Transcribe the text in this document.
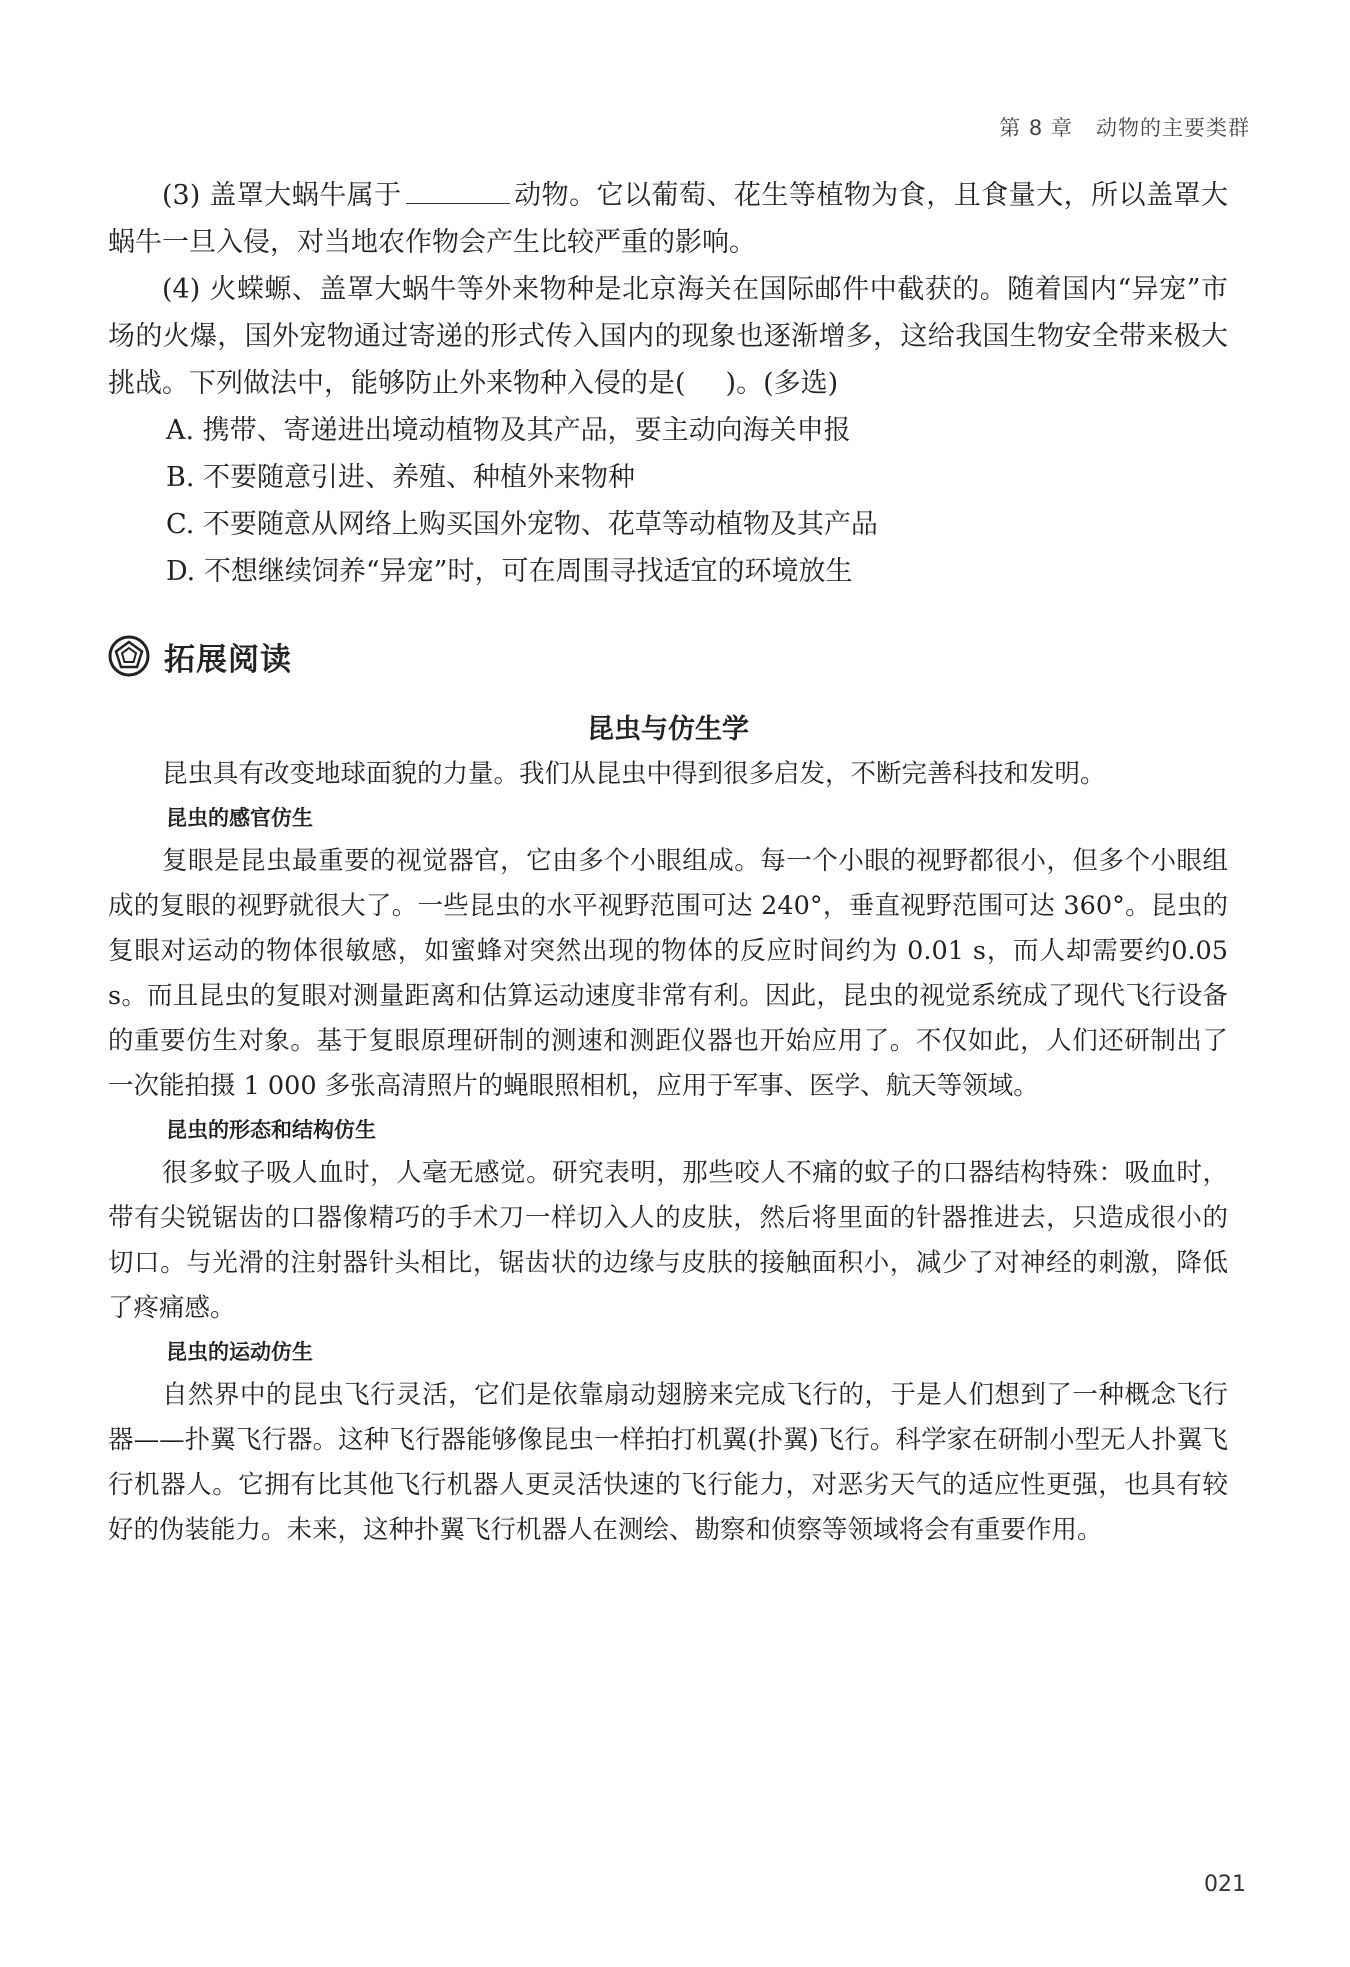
第 8 章 动物的主要类群

(3) 盖罩大蜗牛属于	动物。它以葡萄、花生等植物为食，且食量大，所以盖罩大蜗牛一旦入侵，对当地农作物会产生比较严重的影响。

(4) 火蝾螈、盖罩大蜗牛等外来物种是北京海关在国际邮件中截获的。随着国内“异宠”市场的火爆，国外宠物通过寄递的形式传入国内的现象也逐渐增多，这给我国生物安全带来极大挑战。下列做法中，能够防止外来物种入侵的是( )。(多选)

A. 携带、寄递进出境动植物及其产品，要主动向海关申报

B. 不要随意引进、养殖、种植外来物种

C. 不要随意从网络上购买国外宠物、花草等动植物及其产品

D. 不想继续饲养“异宠”时，可在周围寻找适宜的环境放生

拓展阅读
昆虫与仿生学

昆虫具有改变地球面貌的力量。我们从昆虫中得到很多启发，不断完善科技和发明。

昆虫的感官仿生

复眼是昆虫最重要的视觉器官，它由多个小眼组成。每一个小眼的视野都很小，但多个小眼组成的复眼的视野就很大了。一些昆虫的水平视野范围可达 240°，垂直视野范围可达 360°。昆虫的复眼对运动的物体很敏感，如蜜蜂对突然出现的物体的反应时间约为 0.01 s，而人却需要约0.05 s。而且昆虫的复眼对测量距离和估算运动速度非常有利。因此，昆虫的视觉系统成了现代飞行设备的重要仿生对象。基于复眼原理研制的测速和测距仪器也开始应用了。不仅如此，人们还研制出了一次能拍摄 1 000 多张高清照片的蝇眼照相机，应用于军事、医学、航天等领域。

昆虫的形态和结构仿生

很多蚊子吸人血时，人毫无感觉。研究表明，那些咬人不痛的蚊子的口器结构特殊：吸血时，带有尖锐锯齿的口器像精巧的手术刀一样切入人的皮肤，然后将里面的针器推进去，只造成很小的切口。与光滑的注射器针头相比，锯齿状的边缘与皮肤的接触面积小，减少了对神经的刺激，降低了疼痛感。

昆虫的运动仿生

自然界中的昆虫飞行灵活，它们是依靠扇动翅膀来完成飞行的，于是人们想到了一种概念飞行器——扑翼飞行器。这种飞行器能够像昆虫一样拍打机翼(扑翼)飞行。科学家在研制小型无人扑翼飞行机器人。它拥有比其他飞行机器人更灵活快速的飞行能力，对恶劣天气的适应性更强，也具有较好的伪装能力。未来，这种扑翼飞行机器人在测绘、勘察和侦察等领域将会有重要作用。

021
